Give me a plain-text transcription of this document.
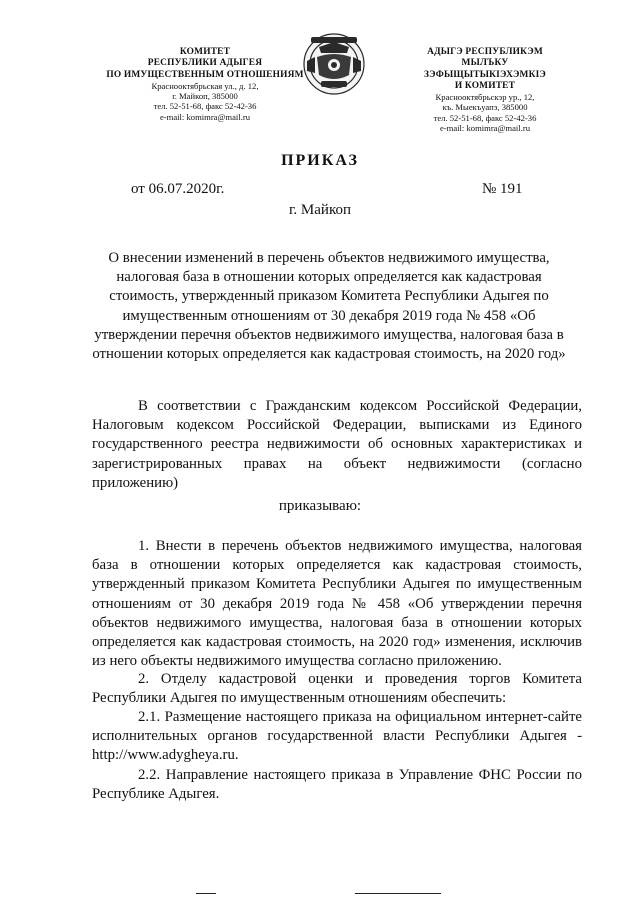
КОМИТЕТ
РЕСПУБЛИКИ АДЫГЕЯ
ПО ИМУЩЕСТВЕННЫМ ОТНОШЕНИЯМ
Краснооктябрьская ул., д. 12,
г. Майкоп, 385000
тел. 52-51-68, факс 52-42-36
e-mail: komimra@mail.ru
АДЫГЭ РЕСПУБЛИКЭМ
МЫЛЪКУ ЗЭФЫЩЫТЫКІЭХЭМКІЭ
И КОМИТЕТ
Краснооктябрьскэр ур., 12,
къ. Мыекъуапэ, 385000
тел. 52-51-68, факс 52-42-36
e-mail: komimra@mail.ru
ПРИКАЗ
от 06.07.2020г.	№ 191
г. Майкоп
О внесении изменений в перечень объектов недвижимого имущества, налоговая база в отношении которых определяется как кадастровая стоимость, утвержденный приказом Комитета Республики Адыгея по имущественным отношениям от 30 декабря 2019 года № 458 «Об утверждении перечня объектов недвижимого имущества, налоговая база в отношении которых определяется как кадастровая стоимость, на 2020 год»
В соответствии с Гражданским кодексом Российской Федерации, Налоговым кодексом Российской Федерации, выписками из Единого государственного реестра недвижимости об основных характеристиках и зарегистрированных правах на объект недвижимости (согласно приложению)
приказываю:
1. Внести в перечень объектов недвижимого имущества, налоговая база в отношении которых определяется как кадастровая стоимость, утвержденный приказом Комитета Республики Адыгея по имущественным отношениям от 30 декабря 2019 года № 458 «Об утверждении перечня объектов недвижимого имущества, налоговая база в отношении которых определяется как кадастровая стоимость, на 2020 год» изменения, исключив из него объекты недвижимого имущества согласно приложению.
2. Отделу кадастровой оценки и проведения торгов Комитета Республики Адыгея по имущественным отношениям обеспечить:
2.1. Размещение настоящего приказа на официальном интернет-сайте исполнительных органов государственной власти Республики Адыгея - http://www.adygheya.ru.
2.2. Направление настоящего приказа в Управление ФНС России по Республике Адыгея.
